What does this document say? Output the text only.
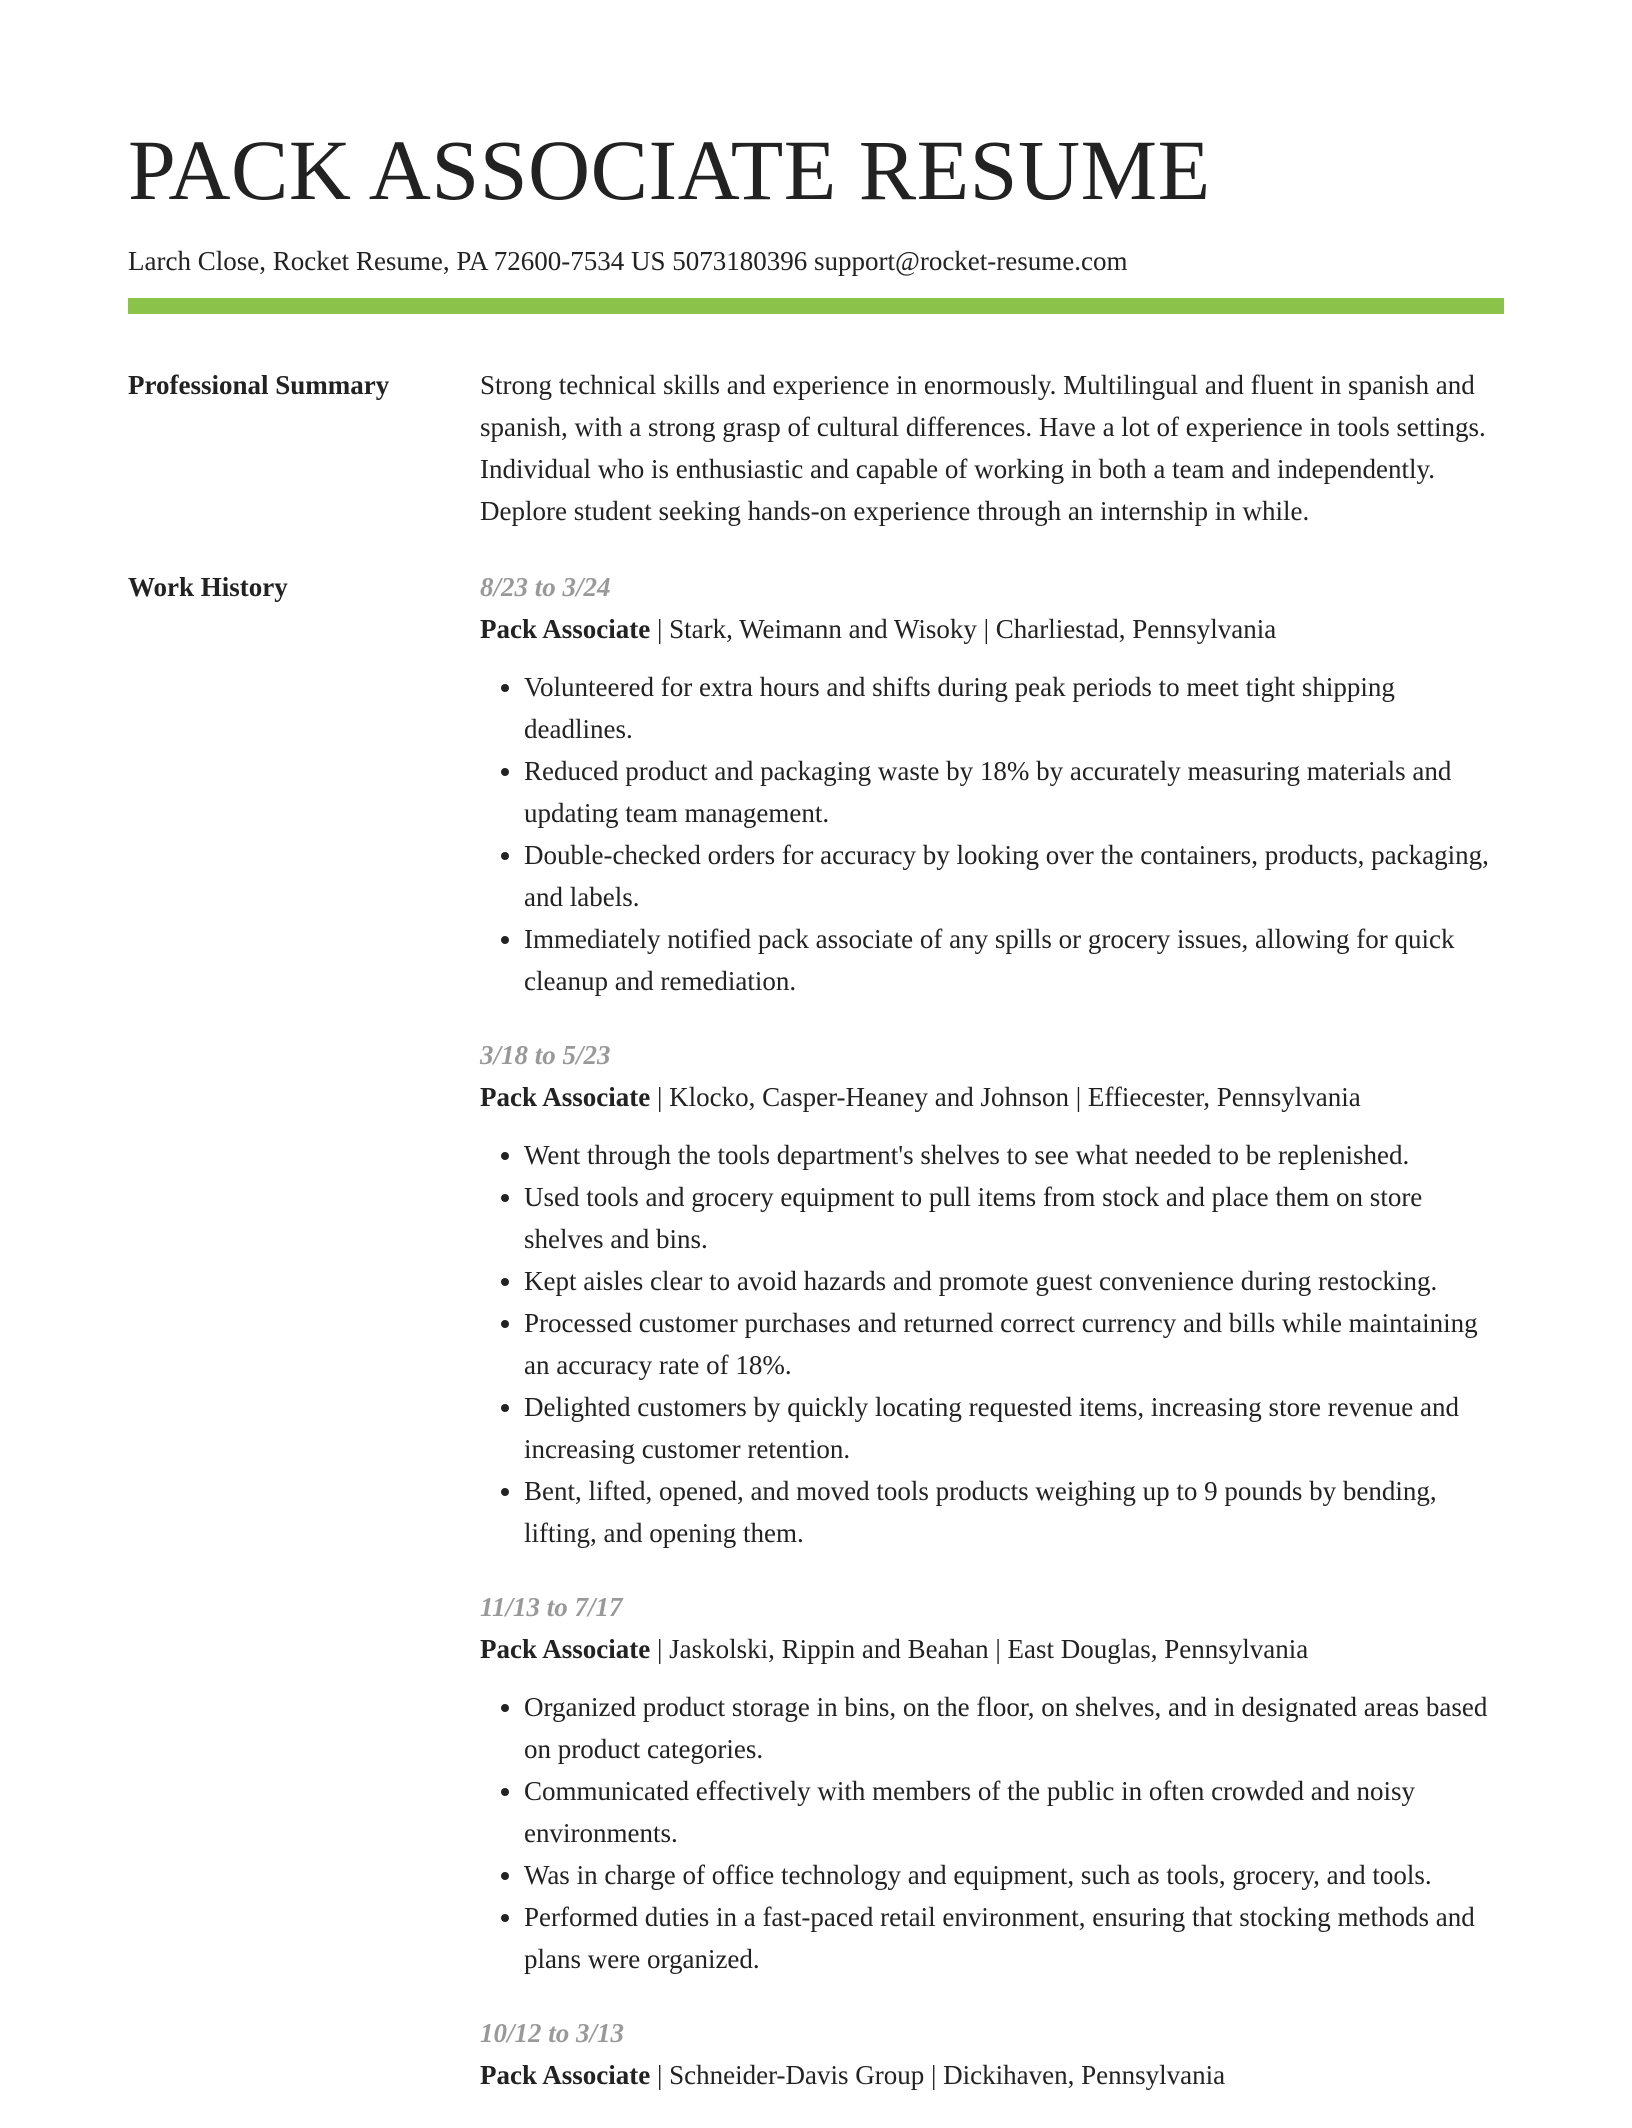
PACK ASSOCIATE RESUME
Larch Close, Rocket Resume, PA 72600-7534 US 5073180396 support@rocket-resume.com
Professional Summary	Strong technical skills and experience in enormously. Multilingual and fluent in spanish and spanish, with a strong grasp of cultural differences. Have a lot of experience in tools settings. Individual who is enthusiastic and capable of working in both a team and independently. Deplore student seeking hands-on experience through an internship in while.

Work History	8/23 to 3/24
Pack Associate | Stark, Weimann and Wisoky | Charliestad, Pennsylvania
• Volunteered for extra hours and shifts during peak periods to meet tight shipping deadlines.
• Reduced product and packaging waste by 18% by accurately measuring materials and updating team management.
• Double-checked orders for accuracy by looking over the containers, products, packaging, and labels.
• Immediately notified pack associate of any spills or grocery issues, allowing for quick cleanup and remediation.
3/18 to 5/23
Pack Associate | Klocko, Casper-Heaney and Johnson | Effiecester, Pennsylvania
• Went through the tools department's shelves to see what needed to be replenished.
• Used tools and grocery equipment to pull items from stock and place them on store shelves and bins.
• Kept aisles clear to avoid hazards and promote guest convenience during restocking.
• Processed customer purchases and returned correct currency and bills while maintaining an accuracy rate of 18%.
• Delighted customers by quickly locating requested items, increasing store revenue and increasing customer retention.
• Bent, lifted, opened, and moved tools products weighing up to 9 pounds by bending, lifting, and opening them.
11/13 to 7/17
Pack Associate | Jaskolski, Rippin and Beahan | East Douglas, Pennsylvania
• Organized product storage in bins, on the floor, on shelves, and in designated areas based on product categories.
• Communicated effectively with members of the public in often crowded and noisy environments.
• Was in charge of office technology and equipment, such as tools, grocery, and tools.
• Performed duties in a fast-paced retail environment, ensuring that stocking methods and plans were organized.
10/12 to 3/13
Pack Associate | Schneider-Davis Group | Dickihaven, Pennsylvania
